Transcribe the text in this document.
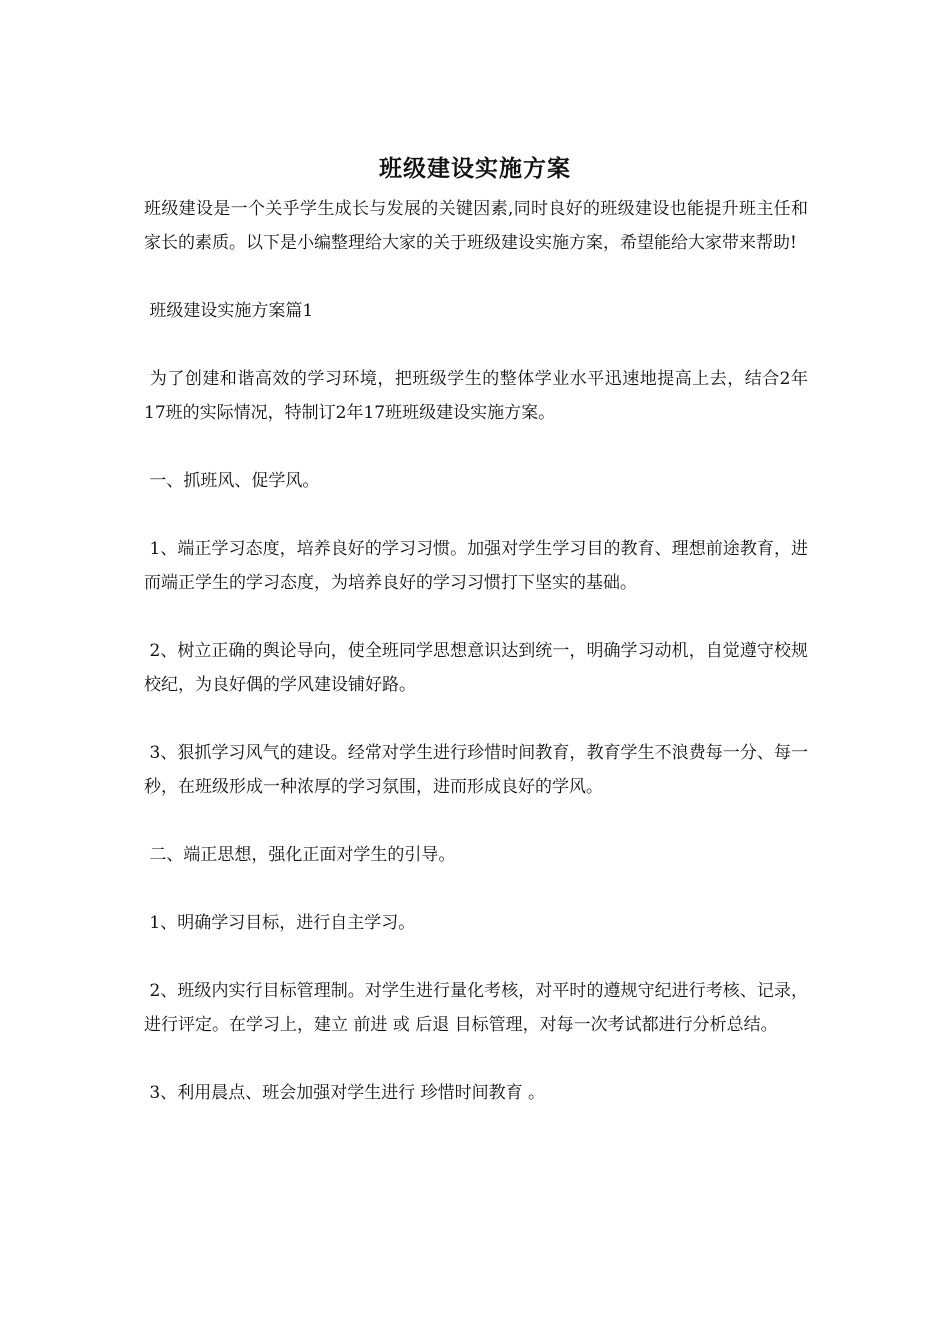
班级建设实施方案

班级建设是一个关乎学生成长与发展的关键因素,同时良好的班级建设也能提升班主任和家长的素质。以下是小编整理给大家的关于班级建设实施方案，希望能给大家带来帮助!

班级建设实施方案篇1

为了创建和谐高效的学习环境，把班级学生的整体学业水平迅速地提高上去，结合2年17班的实际情况，特制订2年17班班级建设实施方案。

一、抓班风、促学风。

1、端正学习态度，培养良好的学习习惯。加强对学生学习目的教育、理想前途教育，进而端正学生的学习态度，为培养良好的学习习惯打下坚实的基础。

2、树立正确的舆论导向，使全班同学思想意识达到统一，明确学习动机，自觉遵守校规校纪，为良好偶的学风建设铺好路。

3、狠抓学习风气的建设。经常对学生进行珍惜时间教育，教育学生不浪费每一分、每一秒，在班级形成一种浓厚的学习氛围，进而形成良好的学风。

二、端正思想，强化正面对学生的引导。

1、明确学习目标，进行自主学习。

2、班级内实行目标管理制。对学生进行量化考核，对平时的遵规守纪进行考核、记录，进行评定。在学习上，建立 前进 或 后退 目标管理，对每一次考试都进行分析总结。

3、利用晨点、班会加强对学生进行 珍惜时间教育 。
